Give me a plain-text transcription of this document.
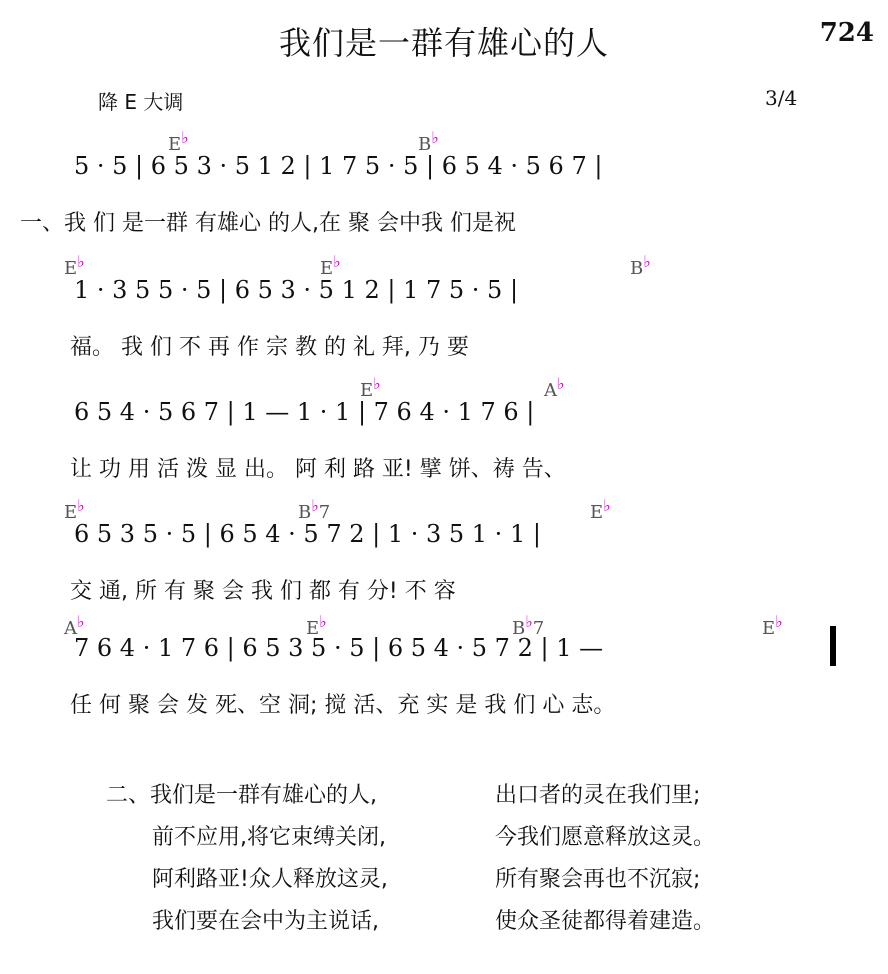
我们是一群有雄心的人	724
降 E 大调	3/4
E♭	B♭
5 · 5 | 6 5 3 · 5 1 2 | 1 7 5 · 5 | 6 5 4 · 5 6 7 |
一、我 们 是一群 有雄心 的人,在 聚 会中我 们是祝
E♭	E♭	B♭
1 · 3 5 5 · 5 | 6 5 3 · 5 1 2 | 1 7 5 · 5 |
福。 我 们 不 再 作 宗 教 的 礼 拜, 乃 要
E♭	A♭
6 5 4 · 5 6 7 | 1 — 1 · 1 | 7 6 4 · 1 7 6 |
让 功 用 活 泼 显 出。 阿 利 路 亚! 擘 饼、祷 告、
E♭	B♭7	E♭
6 5 3 5 · 5 | 6 5 4 · 5 7 2 | 1 · 3 5 1 · 1 |
交 通, 所 有 聚 会 我 们 都 有 分! 不 容
A♭	E♭	B♭7	E♭
7 6 4 · 1 7 6 | 6 5 3 5 · 5 | 6 5 4 · 5 7 2 | 1 —
任 何 聚 会 发 死、空 洞; 搅 活、充 实 是 我 们 心 志。
二、我们是一群有雄心的人,	出口者的灵在我们里;
前不应用,将它束缚关闭,	今我们愿意释放这灵。
阿利路亚!众人释放这灵,	所有聚会再也不沉寂;
我们要在会中为主说话,	使众圣徒都得着建造。
